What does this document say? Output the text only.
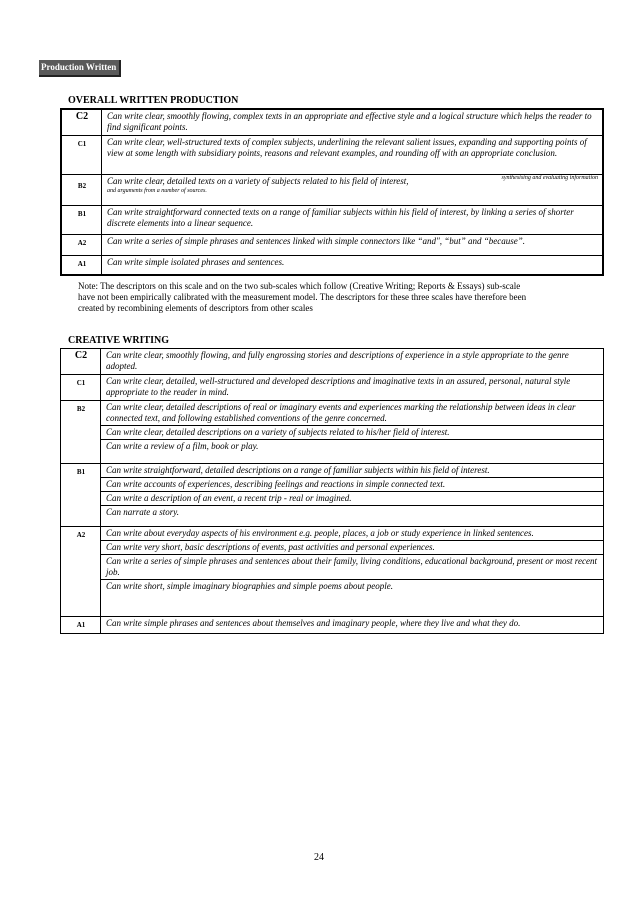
Production Written
OVERALL WRITTEN PRODUCTION
C2	Can write clear, smoothly flowing, complex texts in an appropriate and effective style and a logical structure which helps the reader to find significant points.
C1	Can write clear, well-structured texts of complex subjects, underlining the relevant salient issues, expanding and supporting points of view at some length with subsidiary points, reasons and relevant examples, and rounding off with an appropriate conclusion.
B2	Can write clear, detailed texts on a variety of subjects related to his field of interest, synthesising and evaluating information
and arguments from a number of sources.

B1	Can write straightforward connected texts on a range of familiar subjects within his field of interest, by linking a series of shorter discrete elements into a linear sequence.
A2	Can write a series of simple phrases and sentences linked with simple connectors like “and", “but” and “because”.
A1	Can write simple isolated phrases and sentences.
Note: The descriptors on this scale and on the two sub-scales which follow (Creative Writing; Reports & Essays) sub-scale have not been empirically calibrated with the measurement model. The descriptors for these three scales have therefore been created by recombining elements of descriptors from other scales
CREATIVE WRITING
C2	Can write clear, smoothly flowing, and fully engrossing stories and descriptions of experience in a style appropriate to the genre adopted.

C1	Can write clear, detailed, well-structured and developed descriptions and imaginative texts in an assured, personal, natural style appropriate to the reader in mind.

B2	Can write clear, detailed descriptions of real or imaginary events and experiences marking the relationship between ideas in clear connected text, and following established conventions of the genre concerned.
Can write clear, detailed descriptions on a variety of subjects related to his/her field of interest.
Can write a review of a film, book or play.

B1	Can write straightforward, detailed descriptions on a range of familiar subjects within his field of interest.
Can write accounts of experiences, describing feelings and reactions in simple connected text.
Can write a description of an event, a recent trip - real or imagined.
Can narrate a story.

A2	Can write about everyday aspects of his environment e.g. people, places, a job or study experience in linked sentences.
Can write very short, basic descriptions of events, past activities and personal experiences.
Can write a series of simple phrases and sentences about their family, living conditions, educational background, present or most recent job.
Can write short, simple imaginary biographies and simple poems about people.

A1	Can write simple phrases and sentences about themselves and imaginary people, where they live and what they do.
24
